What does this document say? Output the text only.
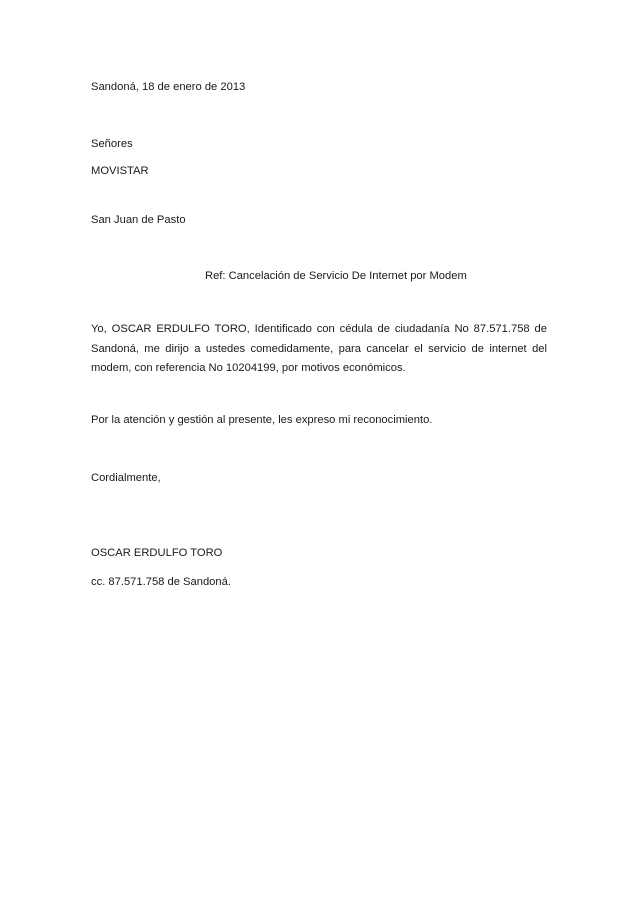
Sandoná, 18 de enero de 2013
Señores
MOVISTAR
San Juan de Pasto
Ref: Cancelación de Servicio De Internet por Modem

Yo, OSCAR ERDULFO TORO, Identificado con cédula de ciudadanía No 87.571.758 de Sandoná, me dirijo a ustedes comedidamente, para cancelar el servicio de internet del modem, con referencia No 10204199, por motivos económicos.

Por la atención y gestión al presente, les expreso mi reconocimiento.
Cordialmente,
OSCAR ERDULFO TORO
cc. 87.571.758 de Sandoná.
